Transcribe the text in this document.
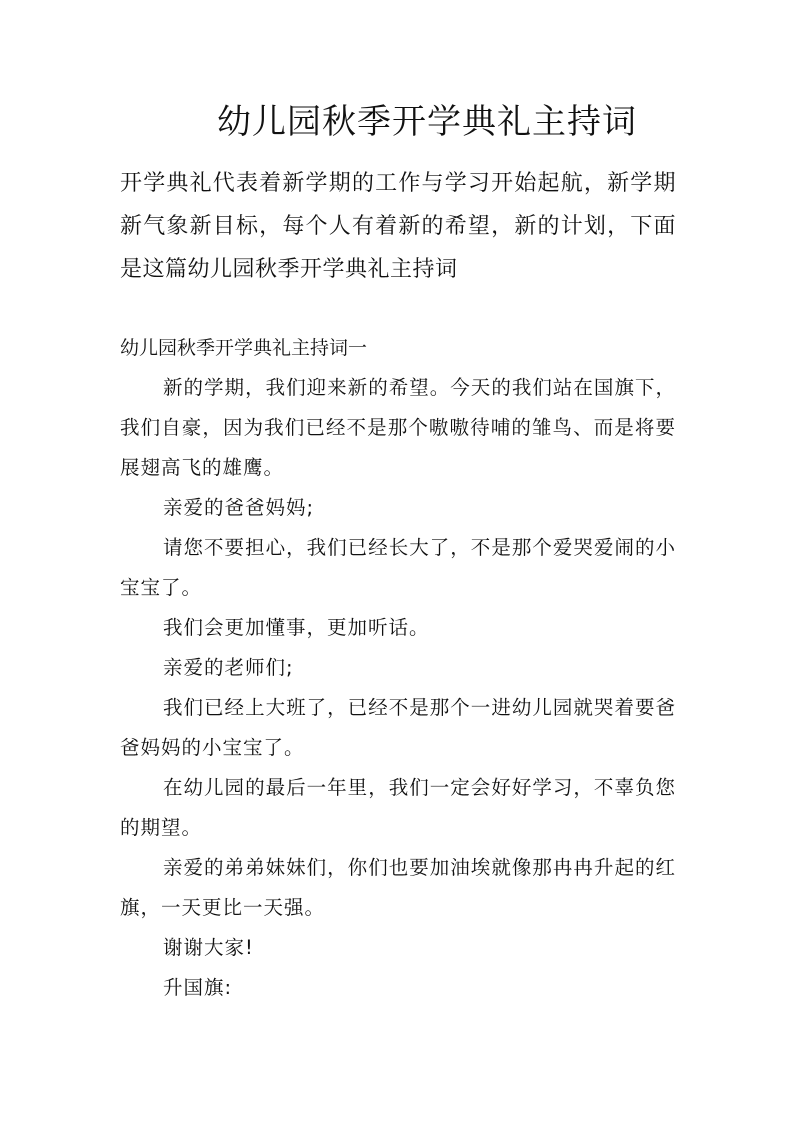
幼儿园秋季开学典礼主持词

开学典礼代表着新学期的工作与学习开始起航，新学期新气象新目标，每个人有着新的希望，新的计划，下面是这篇幼儿园秋季开学典礼主持词

幼儿园秋季开学典礼主持词一

新的学期，我们迎来新的希望。今天的我们站在国旗下，我们自豪，因为我们已经不是那个嗷嗷待哺的雏鸟、而是将要展翅高飞的雄鹰。

亲爱的爸爸妈妈;

请您不要担心，我们已经长大了，不是那个爱哭爱闹的小宝宝了。

我们会更加懂事，更加听话。

亲爱的老师们;

我们已经上大班了，已经不是那个一进幼儿园就哭着要爸爸妈妈的小宝宝了。

在幼儿园的最后一年里，我们一定会好好学习，不辜负您的期望。

亲爱的弟弟妹妹们，你们也要加油埃就像那冉冉升起的红旗，一天更比一天强。

谢谢大家!

升国旗:
